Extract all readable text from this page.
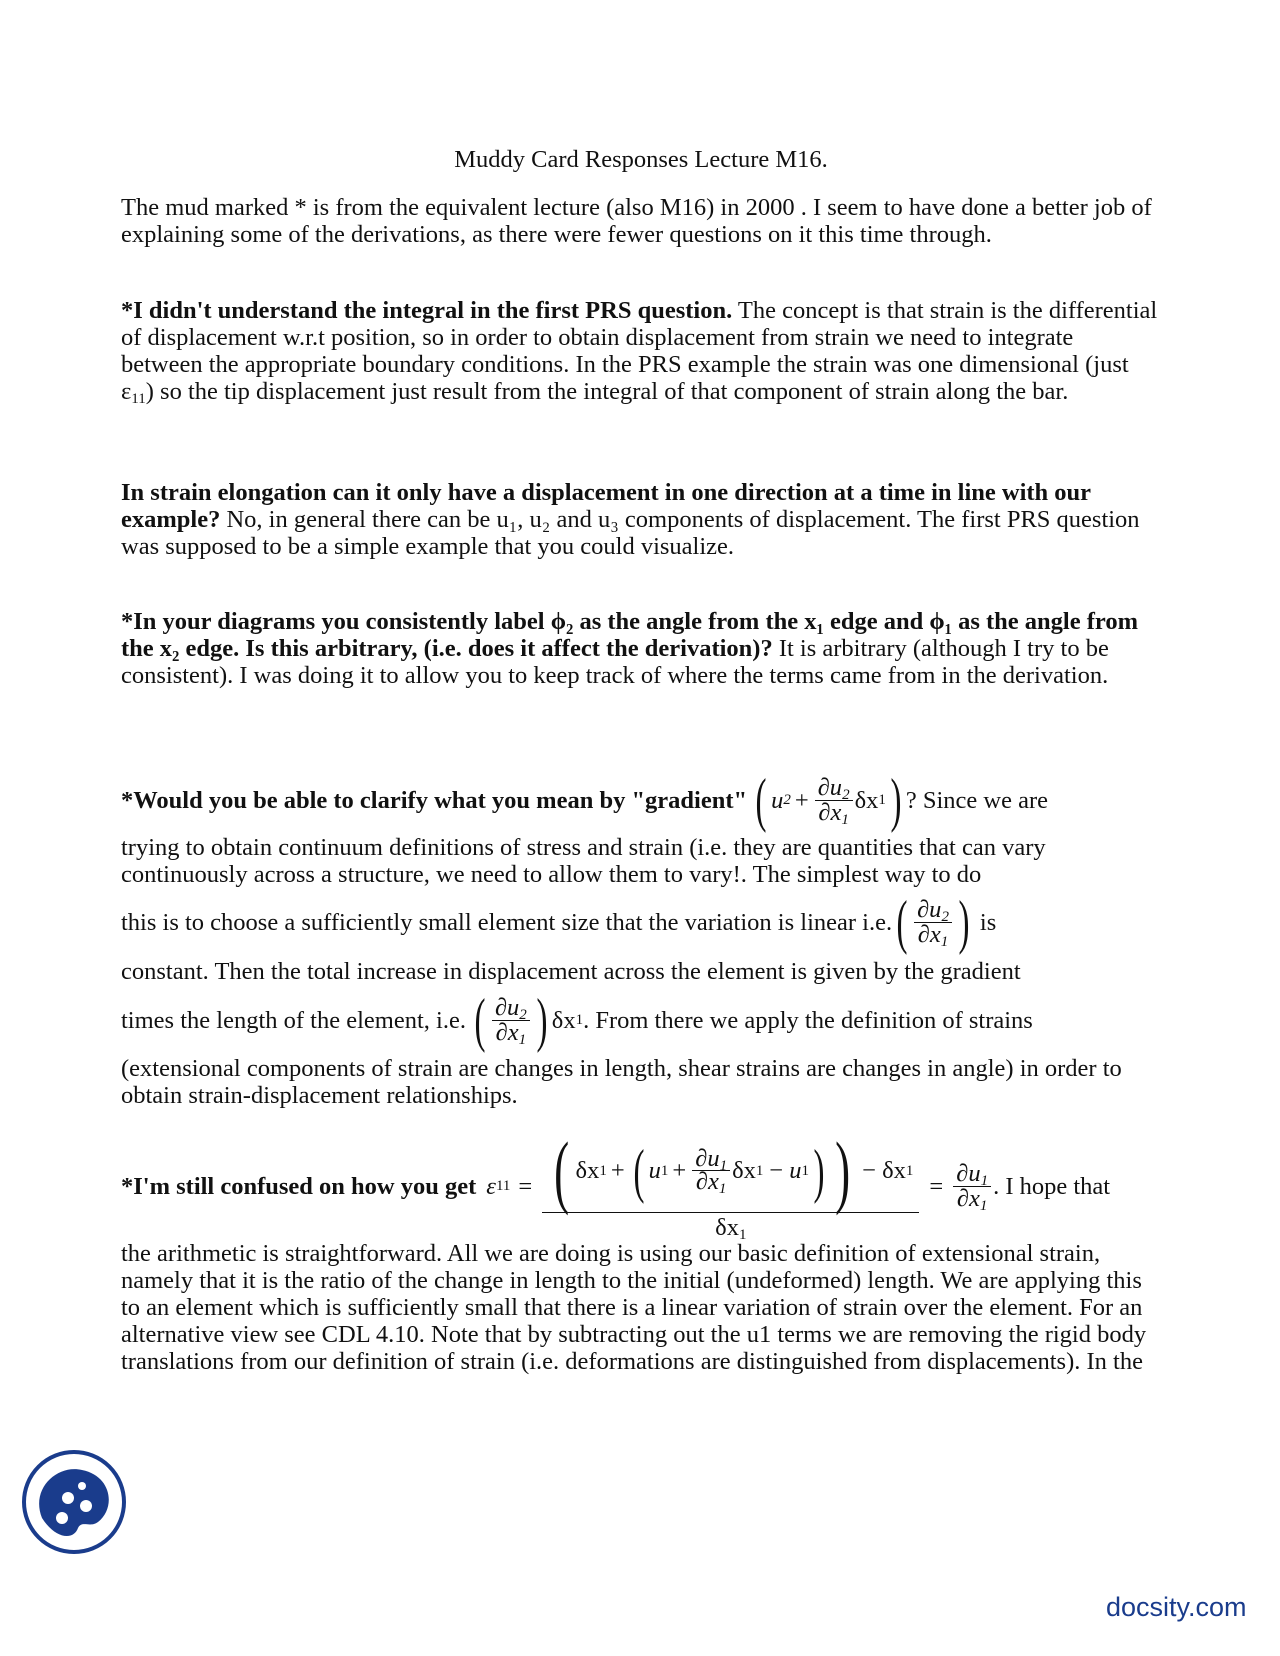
Muddy Card Responses Lecture M16.

The mud marked * is from the equivalent lecture (also M16) in 2000 . I seem to have done a better job of explaining some of the derivations, as there were fewer questions on it this time through.

*I didn't understand the integral in the first PRS question. The concept is that strain is the differential of displacement w.r.t position, so in order to obtain displacement from strain we need to integrate between the appropriate boundary conditions. In the PRS example the strain was one dimensional (just $\varepsilon_{11}$) so the tip displacement just result from the integral of that component of strain along the bar.

In strain elongation can it only have a displacement in one direction at a time in line with our example? No, in general there can be u₁, u₂ and u₃ components of displacement. The first PRS question was supposed to be a simple example that you could visualize.

*In your diagrams you consistently label ϕ₂ as the angle from the x₁ edge and ϕ₁ as the angle from the x₂ edge. Is this arbitrary, (i.e. does it affect the derivation)? It is arbitrary (although I try to be consistent). I was doing it to allow you to keep track of where the terms came from in the derivation.

*Would you be able to clarify what you mean by "gradient" ( u $2 + \frac{\partial u_2}{\partial x_1}$ δx 1 ) ? Since we are

trying to obtain continuum definitions of stress and strain (i.e. they are quantities that can vary continuously across a structure, we need to allow them to vary!. The simplest way to do

this is to choose a sufficiently small element size that the variation is linear i.e. ( $\frac{\partial u_2}{\partial x_1}$ ) is

constant. Then the total increase in displacement across the element is given by the gradient

times the length of the element, i.e. ( $\frac{\partial u_2}{\partial x_1}$ ) δx 1 . From there we apply the definition of strains

(extensional components of strain are changes in length, shear strains are changes in angle) in order to obtain strain-displacement relationships.

*I'm still confused on how you get ε 11 = ( δx 1 + ( u $1 + \frac{\partial u_1}{\partial x_1}$ δx 1 − u 1 ) ) − δx 1
$\delta x_1$
= $\frac{\partial u_1}{\partial x_1}$ . I hope that

the arithmetic is straightforward. All we are doing is using our basic definition of extensional strain, namely that it is the ratio of the change in length to the initial (undeformed) length. We are applying this to an element which is sufficiently small that there is a linear variation of strain over the element. For an alternative view see CDL 4.10. Note that by subtracting out the u1 terms we are removing the rigid body translations from our definition of strain (i.e. deformations are distinguished from displacements). In the

docsity.com
